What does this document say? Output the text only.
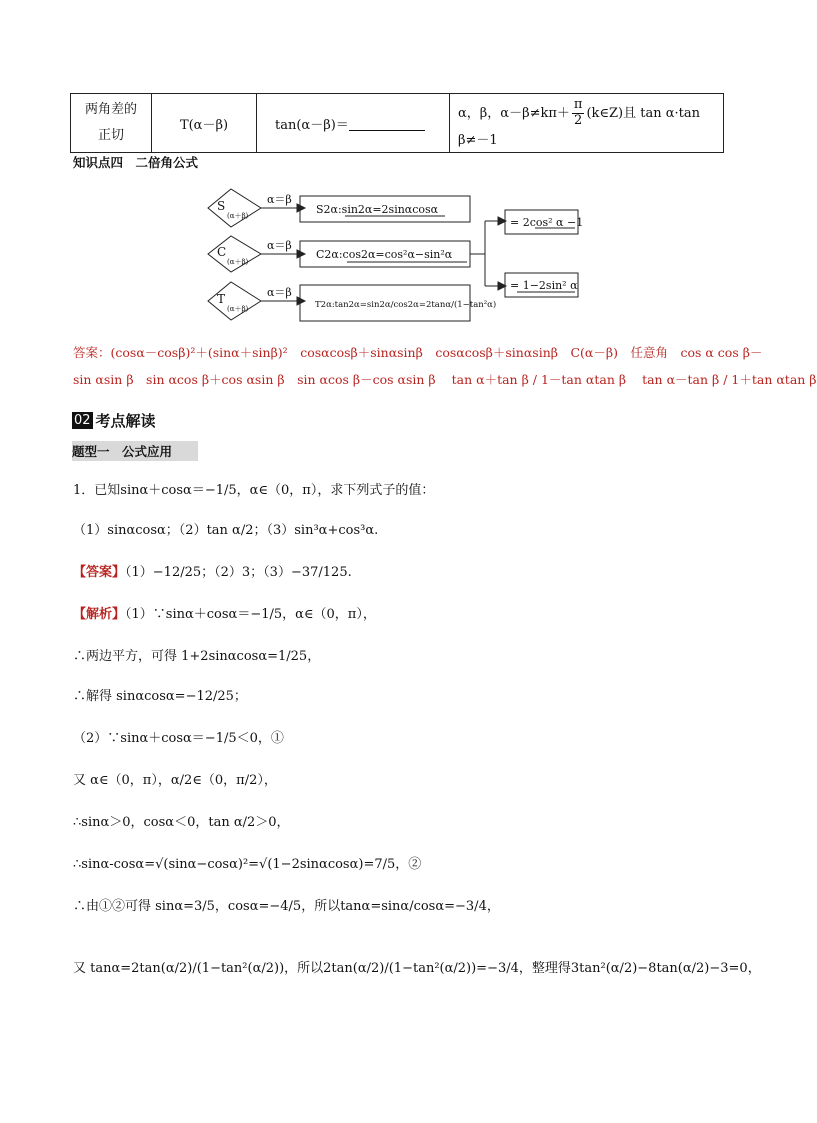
两角差的
正切
	T(α－β)	tan(α－β)＝	α，β，$\alpha-\beta\ne k\pi+ \frac{\pi}{2}$ (k∈Z)且 tan α·tan β≠－1
知识点四　二倍角公式
S
(α＋β)
C
(α＋β)
T
(α＋β)
α＝β
α＝β
α＝β
S2α:sin2α=2sinαcosα
C2α:cos2α=cos²α−sin²α
T2α:tan2α=sin2α/cos2α=2tanα/(1−tan²α)
= 2cos² α −1
= 1−2sin² α
答案：(cosα－cosβ)²＋(sinα＋sinβ)²　cosαcosβ＋sinαsinβ　cosαcosβ＋sinαsinβ　C(α－β)　任意角　cos α cos β－
sin αsin β　sin αcos β＋cos αsin β　sin αcos β－cos αsin β tan α＋tan β / 1－tan αtan β tan α－tan β / 1＋tan αtan β
02 考点解读
题型一　公式应用
1．已知sinα＋cosα＝−1/5，α∈（0，π），求下列式子的值：
（1）sinαcosα；（2）tan α/2；（3）sin³α+cos³α.
【答案】（1）−12/25；（2）3；（3）−37/125.
【解析】（1）∵sinα＋cosα＝−1/5，α∈（0，π），
∴两边平方，可得 1+2sinαcosα=1/25，
∴解得 sinαcosα=−12/25；
（2）∵sinα＋cosα＝−1/5＜0，①
又 α∈（0，π），α/2∈（0，π/2），
∴sinα＞0，cosα＜0，tan α/2＞0，
∴sinα-cosα=√(sinα−cosα)²=√(1−2sinαcosα)=7/5，②
∴由①②可得 sinα=3/5，cosα=−4/5，所以tanα=sinα/cosα=−3/4，
又 tanα=2tan(α/2)/(1−tan²(α/2))，所以2tan(α/2)/(1−tan²(α/2))=−3/4，整理得3tan²(α/2)−8tan(α/2)−3=0，
